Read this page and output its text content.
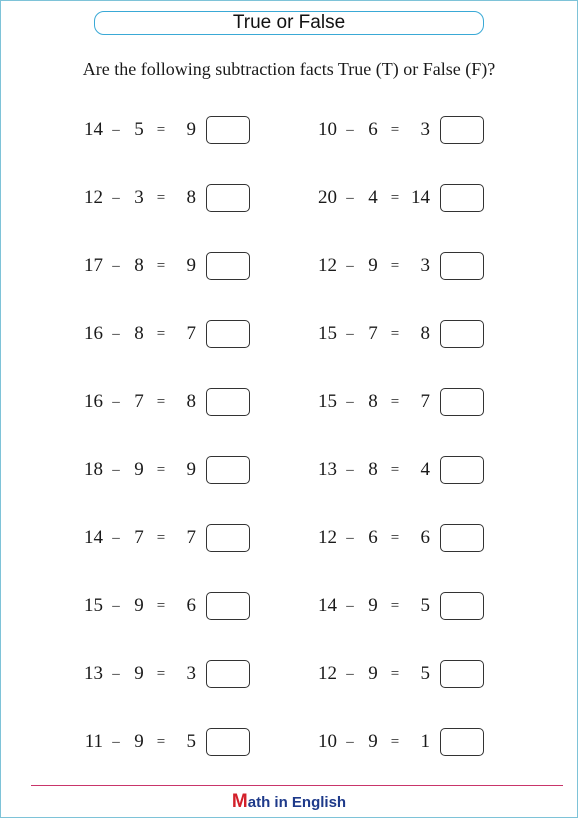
True or False
Are the following subtraction facts True (T) or False (F)?
14 – 5 =	9
12 – 3 =	8
17 – 8 =	9
16 – 8 =	7
16 – 7 =	8
18 – 9 =	9
14 – 7 =	7
15 – 9 =	6
13 – 9 =	3
11 – 9 =	5
10 – 6 =	3
20 – 4 = 14
12 – 9 =	3
15 – 7 =	8
15 – 8 =	7
13 – 8 =	4
12 – 6 =	6
14 – 9 =	5
12 – 9 =	5
10 – 9 =	1
Math in English
